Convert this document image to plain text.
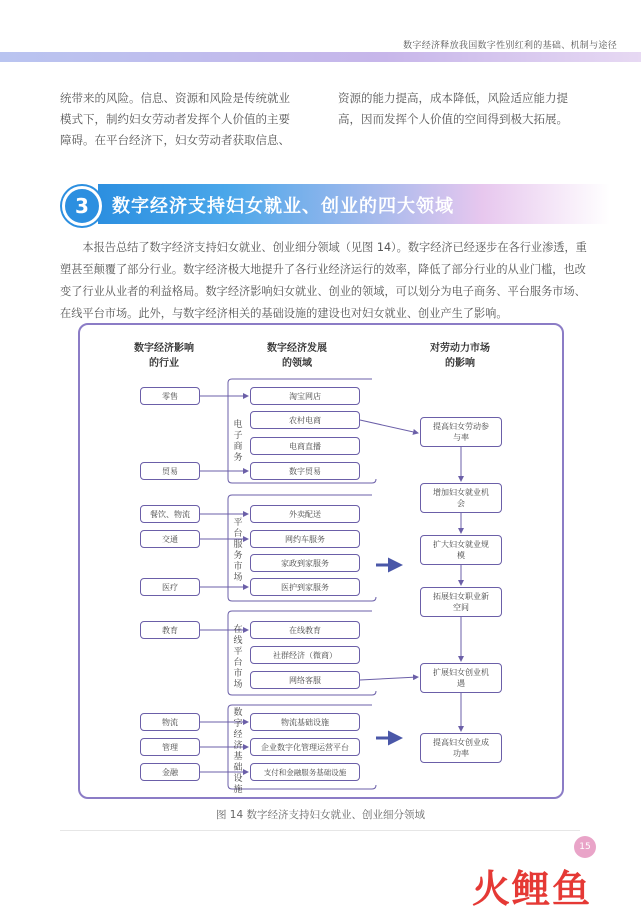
数字经济释放我国数字性别红利的基础、机制与途径
统带来的风险。信息、资源和风险是传统就业
模式下，制约妇女劳动者发挥个人价值的主要
障碍。在平台经济下，妇女劳动者获取信息、
资源的能力提高，成本降低，风险适应能力提
高，因而发挥个人价值的空间得到极大拓展。
3	数字经济支持妇女就业、创业的四大领域
本报告总结了数字经济支持妇女就业、创业细分领域（见图 14）。数字经济已经逐步在各行业渗透，重塑甚至颠覆了部分行业。数字经济极大地提升了各行业经济运行的效率，降低了部分行业的从业门槛，也改变了行业从业者的利益格局。数字经济影响妇女就业、创业的领域，可以划分为电子商务、平台服务市场、在线平台市场。此外，与数字经济相关的基础设施的建设也对妇女就业、创业产生了影响。
数字经济影响
的行业
数字经济发展
的领域
对劳动力市场
的影响
零售
贸易
餐饮、物流
交通
医疗
教育
物流
管理
金融
电子商务
平台服务市场
在线平台市场
数字经济基础设施
淘宝网店
农村电商
电商直播
数字贸易
外卖配送
网约车服务
家政到家服务
医护到家服务
在线教育
社群经济（微商）
网络客服
物流基础设施
企业数字化管理运营平台
支付和金融服务基础设施
提高妇女劳动参与率
增加妇女就业机会
扩大妇女就业规模
拓展妇女职业新空间
扩展妇女创业机遇
提高妇女创业成功率
图 14 数字经济支持妇女就业、创业细分领域
15
火鲤鱼
